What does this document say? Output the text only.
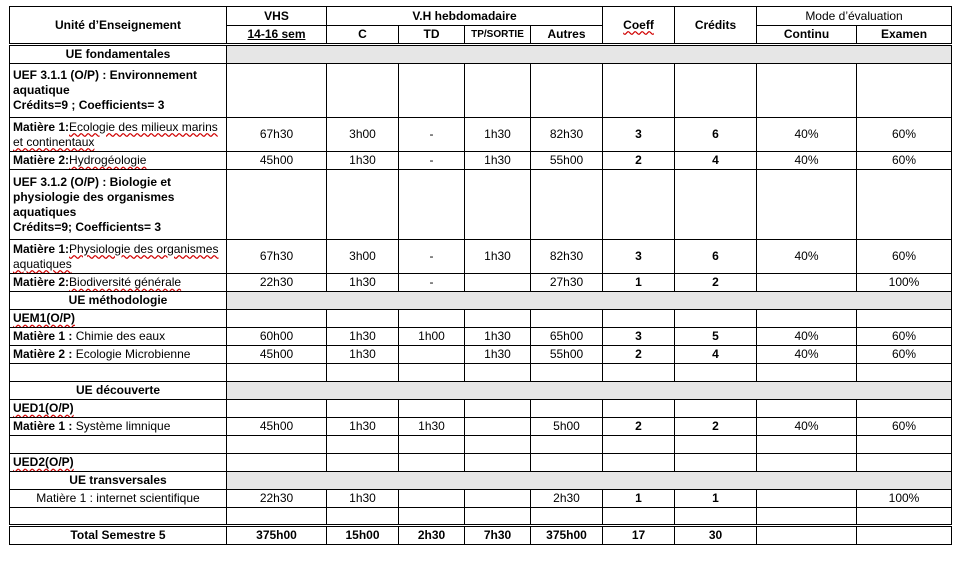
Unité d’Enseignement	VHS	V.H hebdomadaire				Coeff	Crédits	Mode d’évaluation	
	14-16 sem	C	TD	TP/SORTIE	Autres			Continu	Examen
UE fondamentales									
UEF 3.1.1 (O/P) : Environnement aquatique
Crédits=9 ; Coefficients= 3									
Matière 1:Ecologie des milieux marins et continentaux	67h30	3h00	-	1h30	82h30	3	6	40%	60%
Matière 2:Hydrogéologie	45h00	1h30	-	1h30	55h00	2	4	40%	60%
UEF 3.1.2 (O/P) : Biologie et physiologie des organismes aquatiques
Crédits=9; Coefficients= 3									
Matière 1:Physiologie des organismes aquatiques	67h30	3h00	-	1h30	82h30	3	6	40%	60%
Matière 2:Biodiversité générale	22h30	1h30	-		27h30	1	2		100%
UE méthodologie									
UEM1(O/P)									
Matière 1 : Chimie des eaux	60h00	1h30	1h00	1h30	65h00	3	5	40%	60%
Matière 2 : Ecologie Microbienne	45h00	1h30		1h30	55h00	2	4	40%	60%

UE découverte									
UED1(O/P)									
Matière 1 : Système limnique	45h00	1h30	1h30		5h00	2	2	40%	60%

UED2(O/P)									
UE transversales									
Matière 1 : internet scientifique	22h30	1h30			2h30	1	1		100%

Total Semestre 5	375h00	15h00	2h30	7h30	375h00	17	30		
